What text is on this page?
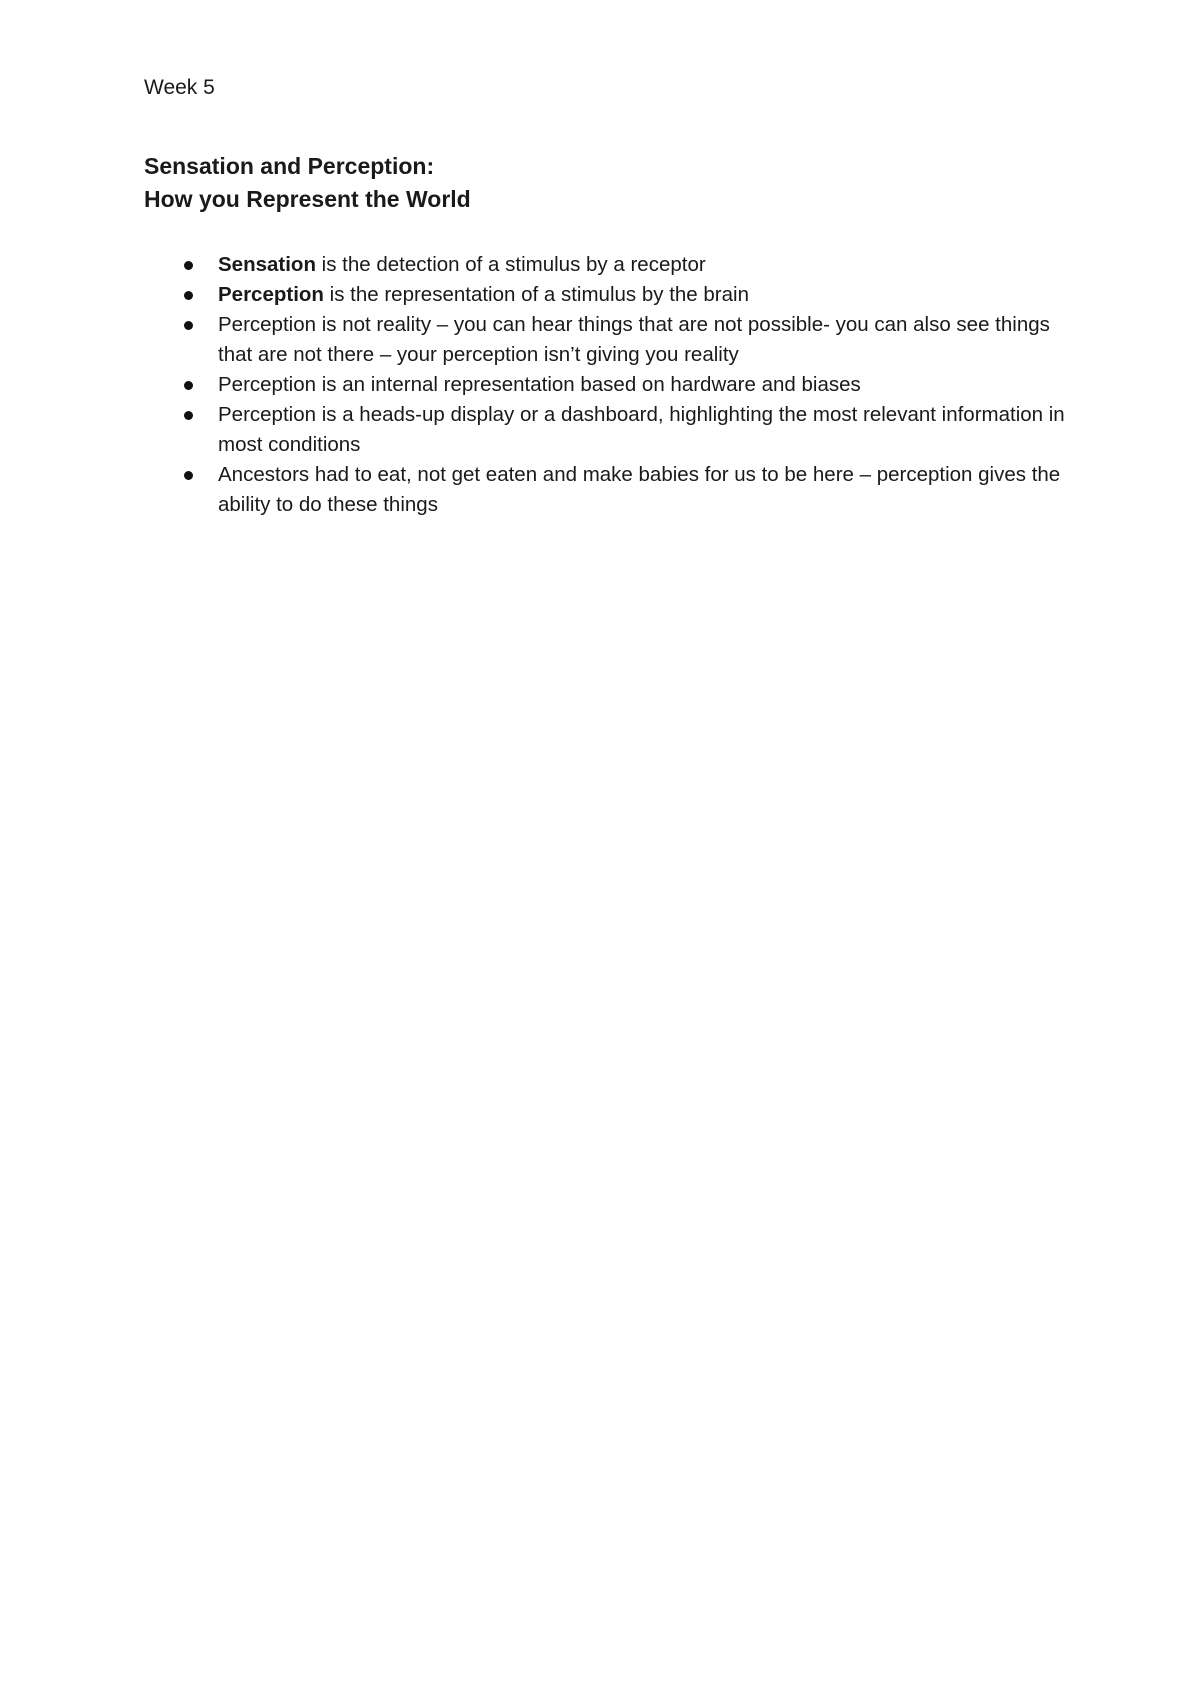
Week 5
Sensation and Perception:
How you Represent the World
Sensation is the detection of a stimulus by a receptor
Perception is the representation of a stimulus by the brain
Perception is not reality – you can hear things that are not possible- you can also see things that are not there – your perception isn’t giving you reality
Perception is an internal representation based on hardware and biases
Perception is a heads-up display or a dashboard, highlighting the most relevant information in most conditions
Ancestors had to eat, not get eaten and make babies for us to be here – perception gives the ability to do these things
